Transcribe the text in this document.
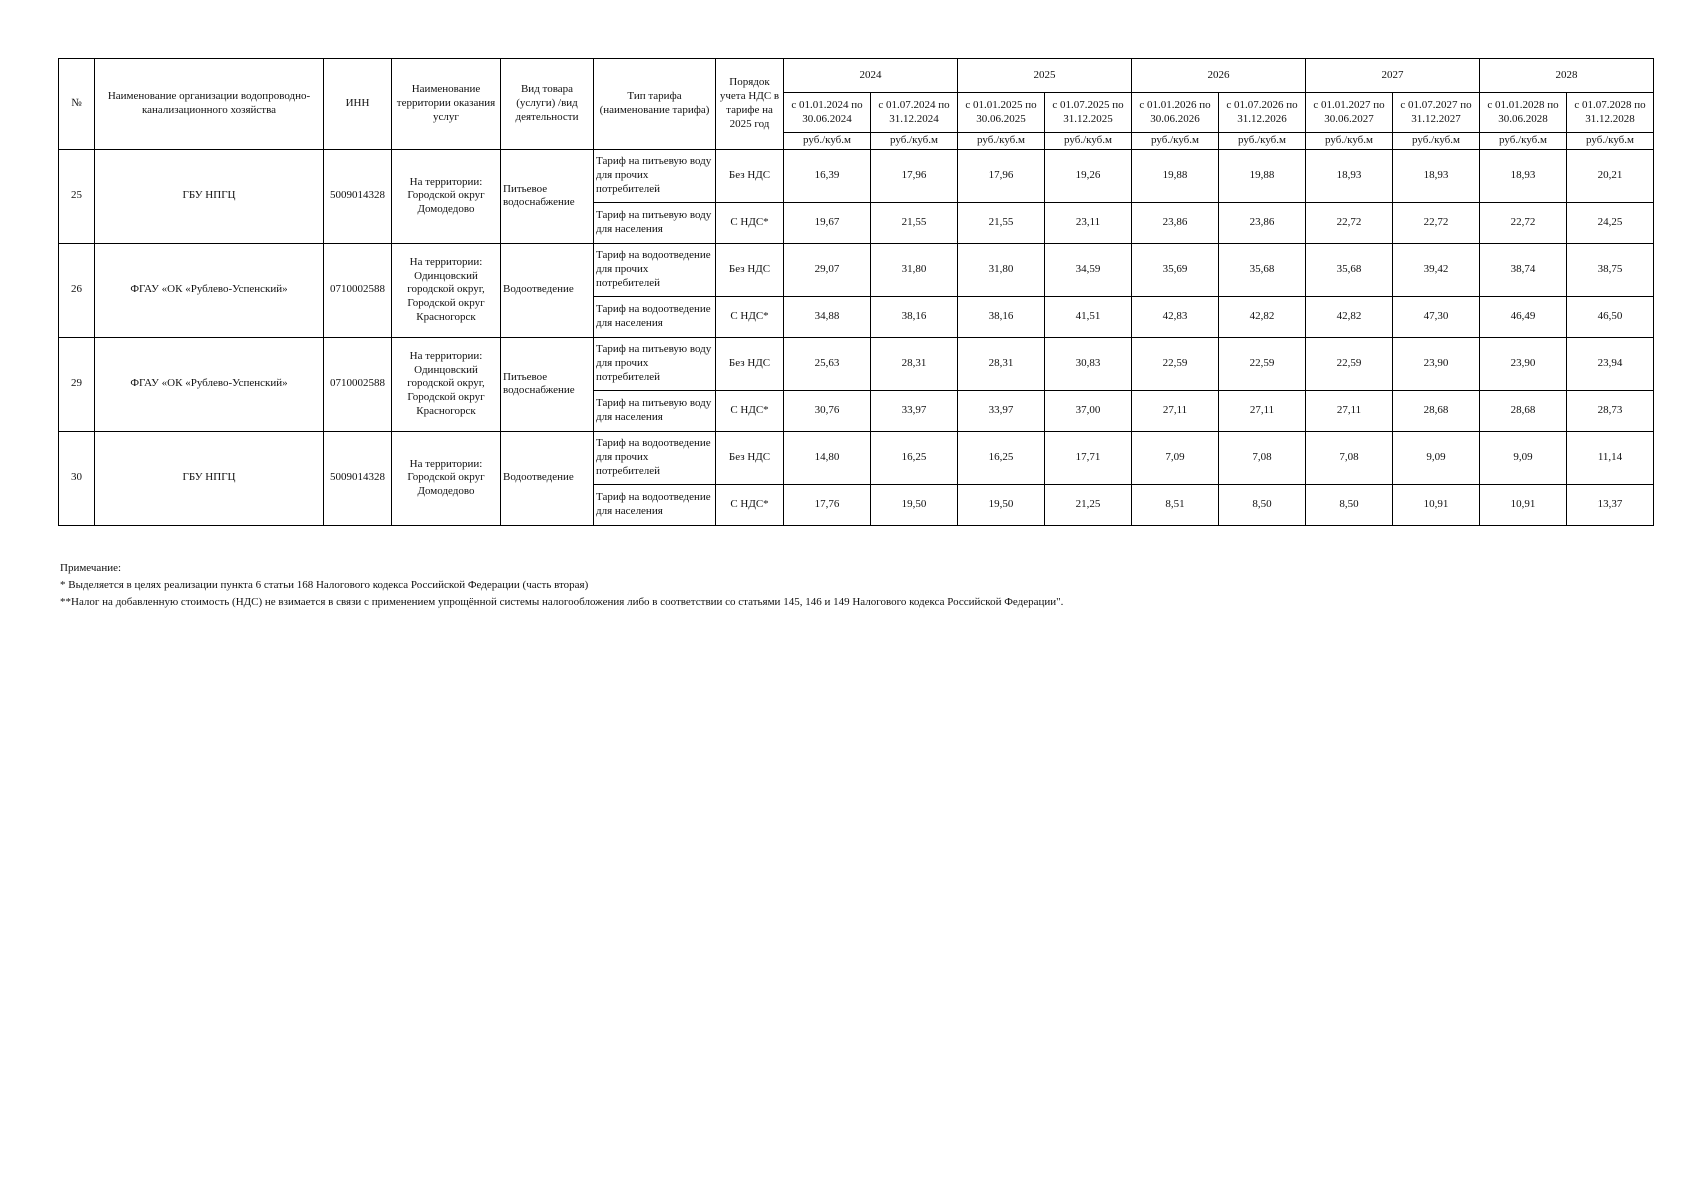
№	Наименование организации водопроводно-канализационного хозяйства	ИНН	Наименование территории оказания услуг	Вид товара (услуги) /вид деятельности	Тип тарифа (наименование тарифа)	Порядок учета НДС в тарифе на 2025 год	2024		2025		2026		2027		2028	
							с 01.01.2024 по 30.06.2024	с 01.07.2024 по 31.12.2024	с 01.01.2025 по 30.06.2025	с 01.07.2025 по 31.12.2025	с 01.01.2026 по 30.06.2026	с 01.07.2026 по 31.12.2026	с 01.01.2027 по 30.06.2027	с 01.07.2027 по 31.12.2027	с 01.01.2028 по 30.06.2028	с 01.07.2028 по 31.12.2028
							руб./куб.м	руб./куб.м	руб./куб.м	руб./куб.м	руб./куб.м	руб./куб.м	руб./куб.м	руб./куб.м	руб./куб.м	руб./куб.м
25	ГБУ НПГЦ	5009014328	На территории: Городской округ Домодедово	Питьевое водоснабжение	Тариф на питьевую воду для прочих потребителей	Без НДС	16,39	17,96	17,96	19,26	19,88	19,88	18,93	18,93	18,93	20,21
					Тариф на питьевую воду для населения	С НДС*	19,67	21,55	21,55	23,11	23,86	23,86	22,72	22,72	22,72	24,25
26	ФГАУ «ОК «Рублево-Успенский»	0710002588	На территории: Одинцовский городской округ, Городской округ Красногорск	Водоотведение	Тариф на водоотведение для прочих потребителей	Без НДС	29,07	31,80	31,80	34,59	35,69	35,68	35,68	39,42	38,74	38,75
					Тариф на водоотведение для населения	С НДС*	34,88	38,16	38,16	41,51	42,83	42,82	42,82	47,30	46,49	46,50
29	ФГАУ «ОК «Рублево-Успенский»	0710002588	На территории: Одинцовский городской округ, Городской округ Красногорск	Питьевое водоснабжение	Тариф на питьевую воду для прочих потребителей	Без НДС	25,63	28,31	28,31	30,83	22,59	22,59	22,59	23,90	23,90	23,94
					Тариф на питьевую воду для населения	С НДС*	30,76	33,97	33,97	37,00	27,11	27,11	27,11	28,68	28,68	28,73
30	ГБУ НПГЦ	5009014328	На территории: Городской округ Домодедово	Водоотведение	Тариф на водоотведение для прочих потребителей	Без НДС	14,80	16,25	16,25	17,71	7,09	7,08	7,08	9,09	9,09	11,14
					Тариф на водоотведение для населения	С НДС*	17,76	19,50	19,50	21,25	8,51	8,50	8,50	10,91	10,91	13,37
Примечание:
* Выделяется в целях реализации пункта 6 статьи 168 Налогового кодекса Российской Федерации (часть вторая)
**Налог на добавленную стоимость (НДС) не взимается в связи с применением упрощённой системы налогообложения либо в соответствии со статьями 145, 146 и 149 Налогового кодекса Российской Федерации".
